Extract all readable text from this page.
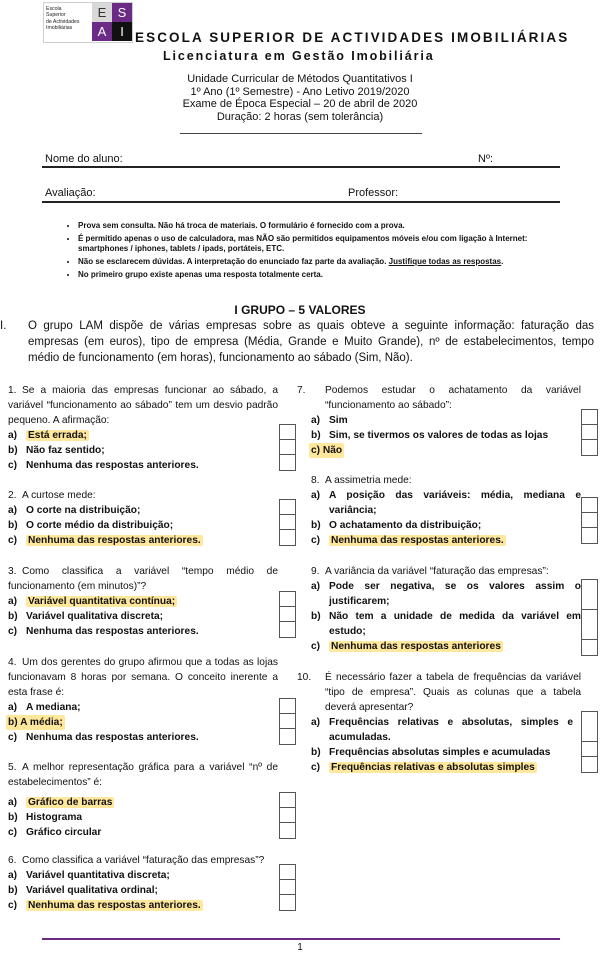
Escola
Superior
de Actividades
Imobiliárias
E S
A	I ESCOLA SUPERIOR DE ACTIVIDADES IMOBILIÁRIAS
Licenciatura em Gestão Imobiliária
Unidade Curricular de Métodos Quantitativos I
1º Ano (1º Semestre) - Ano Letivo 2019/2020
Exame de Época Especial – 20 de abril de 2020
Duração: 2 horas (sem tolerância)
Nome do aluno:	Nº:
Avaliação:	Professor:
• Prova sem consulta. Não há troca de materiais. O formulário é fornecido com a prova.
• É permitido apenas o uso de calculadora, mas NÃO são permitidos equipamentos móveis e/ou com ligação à Internet: smartphones / iphones, tablets / ipads, portáteis, ETC.
• Não se esclarecem dúvidas. A interpretação do enunciado faz parte da avaliação. Justifique todas as respostas.
• No primeiro grupo existe apenas uma resposta totalmente certa.
I GRUPO – 5 VALORES
I.	O grupo LAM dispõe de várias empresas sobre as quais obteve a seguinte informação: faturação das empresas (em euros), tipo de empresa (Média, Grande e Muito Grande), nº de estabelecimentos, tempo médio de funcionamento (em horas), funcionamento ao sábado (Sim, Não).
1. Se a maioria das empresas funcionar ao sábado, a variável “funcionamento ao sábado” tem um desvio padrão pequeno. A afirmação:
a) Está errada;
b) Não faz sentido;
c) Nenhuma das respostas anteriores.
2. A curtose mede:
a) O corte na distribuição;
b) O corte médio da distribuição;
c) Nenhuma das respostas anteriores.
3. Como classifica a variável “tempo médio de funcionamento (em minutos)”?
a) Variável quantitativa contínua;
b) Variável qualitativa discreta;
c) Nenhuma das respostas anteriores.
4. Um dos gerentes do grupo afirmou que a todas as lojas funcionavam 8 horas por semana. O conceito inerente a esta frase é:
a) A mediana;
b) A média;

c) Nenhuma das respostas anteriores.
5. A melhor representação gráfica para a variável “nº de estabelecimentos” é:
a) Gráfico de barras
b) Histograma
c) Gráfico circular
6. Como classifica a variável “faturação das empresas”?
a) Variável quantitativa discreta;
b) Variável qualitativa ordinal;
c) Nenhuma das respostas anteriores.
7. Podemos estudar o achatamento da variável “funcionamento ao sábado”:
a) Sim
b) Sim, se tivermos os valores de todas as lojas
c) Não

8. A assimetria mede:
a) A posição das variáveis: média, mediana e variância;
b) O achatamento da distribuição;
c) Nenhuma das respostas anteriores.
9. A variância da variável “faturação das empresas”:
a) Pode ser negativa, se os valores assim o justificarem;
b) Não tem a unidade de medida da variável em estudo;
c) Nenhuma das respostas anteriores
10. É necessário fazer a tabela de frequências da variável “tipo de empresa”. Quais as colunas que a tabela deverá apresentar?
a) Frequências relativas e absolutas, simples e acumuladas.
b) Frequências absolutas simples e acumuladas
c) Frequências relativas e absolutas simples
1
